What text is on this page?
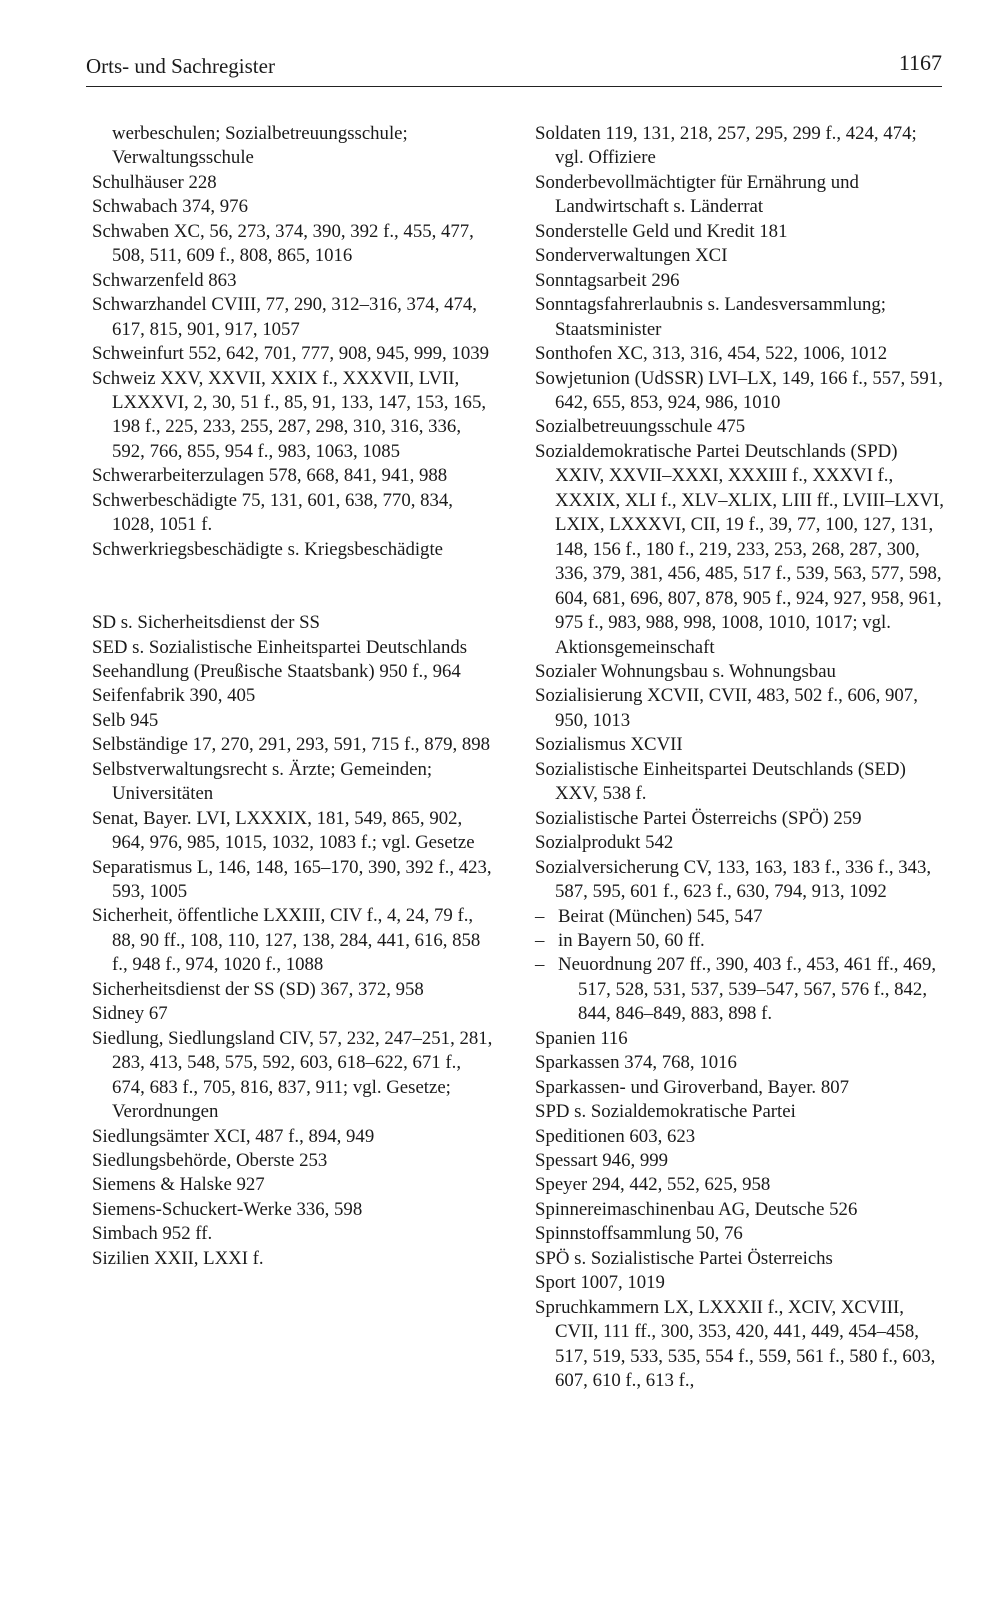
Orts- und Sachregister	1167

werbeschulen; Sozialbetreuungsschule; Verwaltungsschule

Schulhäuser 228

Schwabach 374, 976

Schwaben XC, 56, 273, 374, 390, 392 f., 455, 477, 508, 511, 609 f., 808, 865, 1016

Schwarzenfeld 863

Schwarzhandel CVIII, 77, 290, 312–316, 374, 474, 617, 815, 901, 917, 1057

Schweinfurt 552, 642, 701, 777, 908, 945, 999, 1039

Schweiz XXV, XXVII, XXIX f., XXXVII, LVII, LXXXVI, 2, 30, 51 f., 85, 91, 133, 147, 153, 165, 198 f., 225, 233, 255, 287, 298, 310, 316, 336, 592, 766, 855, 954 f., 983, 1063, 1085

Schwerarbeiterzulagen 578, 668, 841, 941, 988

Schwerbeschädigte 75, 131, 601, 638, 770, 834, 1028, 1051 f.

Schwerkriegsbeschädigte s. Kriegsbeschädigte

SD s. Sicherheitsdienst der SS

SED s. Sozialistische Einheitspartei Deutschlands

Seehandlung (Preußische Staatsbank) 950 f., 964

Seifenfabrik 390, 405

Selb 945

Selbständige 17, 270, 291, 293, 591, 715 f., 879, 898

Selbstverwaltungsrecht s. Ärzte; Gemeinden; Universitäten

Senat, Bayer. LVI, LXXXIX, 181, 549, 865, 902, 964, 976, 985, 1015, 1032, 1083 f.; vgl. Gesetze

Separatismus L, 146, 148, 165–170, 390, 392 f., 423, 593, 1005

Sicherheit, öffentliche LXXIII, CIV f., 4, 24, 79 f., 88, 90 ff., 108, 110, 127, 138, 284, 441, 616, 858 f., 948 f., 974, 1020 f., 1088

Sicherheitsdienst der SS (SD) 367, 372, 958

Sidney 67

Siedlung, Siedlungsland CIV, 57, 232, 247–251, 281, 283, 413, 548, 575, 592, 603, 618–622, 671 f., 674, 683 f., 705, 816, 837, 911; vgl. Gesetze; Verordnungen

Siedlungsämter XCI, 487 f., 894, 949

Siedlungsbehörde, Oberste 253

Siemens & Halske 927

Siemens-Schuckert-Werke 336, 598

Simbach 952 ff.

Sizilien XXII, LXXI f.

Soldaten 119, 131, 218, 257, 295, 299 f., 424, 474; vgl. Offiziere

Sonderbevollmächtigter für Ernährung und Landwirtschaft s. Länderrat

Sonderstelle Geld und Kredit 181

Sonderverwaltungen XCI

Sonntagsarbeit 296

Sonntagsfahrerlaubnis s. Landesversammlung; Staatsminister

Sonthofen XC, 313, 316, 454, 522, 1006, 1012

Sowjetunion (UdSSR) LVI–LX, 149, 166 f., 557, 591, 642, 655, 853, 924, 986, 1010

Sozialbetreuungsschule 475

Sozialdemokratische Partei Deutschlands (SPD) XXIV, XXVII–XXXI, XXXIII f., XXXVI f., XXXIX, XLI f., XLV–XLIX, LIII ff., LVIII–LXVI, LXIX, LXXXVI, CII, 19 f., 39, 77, 100, 127, 131, 148, 156 f., 180 f., 219, 233, 253, 268, 287, 300, 336, 379, 381, 456, 485, 517 f., 539, 563, 577, 598, 604, 681, 696, 807, 878, 905 f., 924, 927, 958, 961, 975 f., 983, 988, 998, 1008, 1010, 1017; vgl. Aktionsgemeinschaft

Sozialer Wohnungsbau s. Wohnungsbau

Sozialisierung XCVII, CVII, 483, 502 f., 606, 907, 950, 1013

Sozialismus XCVII

Sozialistische Einheitspartei Deutschlands (SED) XXV, 538 f.

Sozialistische Partei Österreichs (SPÖ) 259

Sozialprodukt 542

Sozialversicherung CV, 133, 163, 183 f., 336 f., 343, 587, 595, 601 f., 623 f., 630, 794, 913, 1092

– Beirat (München) 545, 547
– in Bayern 50, 60 ff.
– Neuordnung 207 ff., 390, 403 f., 453, 461 ff., 469, 517, 528, 531, 537, 539–547, 567, 576 f., 842, 844, 846–849, 883, 898 f.

Spanien 116

Sparkassen 374, 768, 1016

Sparkassen- und Giroverband, Bayer. 807

SPD s. Sozialdemokratische Partei

Speditionen 603, 623

Spessart 946, 999

Speyer 294, 442, 552, 625, 958

Spinnereimaschinenbau AG, Deutsche 526

Spinnstoffsammlung 50, 76

SPÖ s. Sozialistische Partei Österreichs

Sport 1007, 1019

Spruchkammern LX, LXXXII f., XCIV, XCVIII, CVII, 111 ff., 300, 353, 420, 441, 449, 454–458, 517, 519, 533, 535, 554 f., 559, 561 f., 580 f., 603, 607, 610 f., 613 f.,
